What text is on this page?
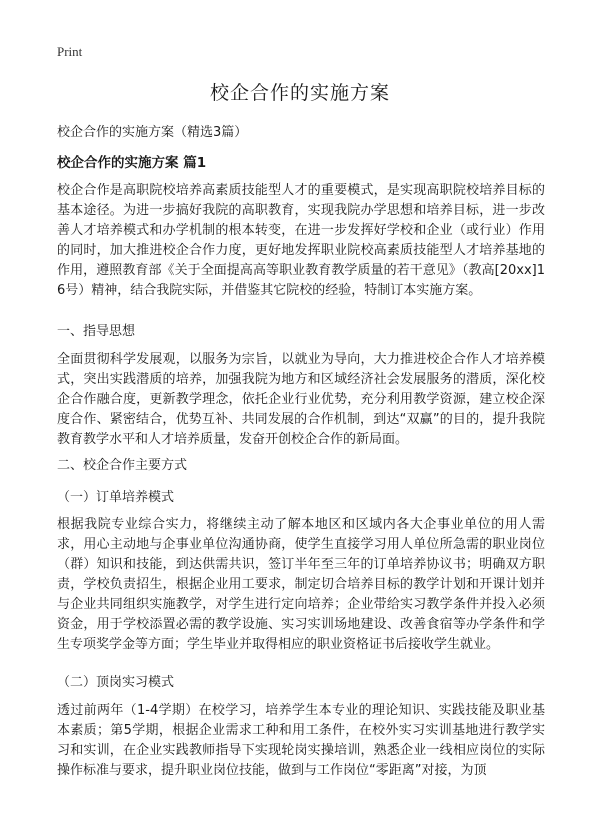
Print
校企合作的实施方案

校企合作的实施方案（精选3篇）

校企合作的实施方案 篇1

校企合作是高职院校培养高素质技能型人才的重要模式，是实现高职院校培养目标的基本途径。为进一步搞好我院的高职教育，实现我院办学思想和培养目标，进一步改善人才培养模式和办学机制的根本转变，在进一步发挥好学校和企业（或行业）作用的同时，加大推进校企合作力度，更好地发挥职业院校高素质技能型人才培养基地的作用，遵照教育部《关于全面提高高等职业教育教学质量的若干意见》（教高[20xx]16号）精神，结合我院实际，并借鉴其它院校的经验，特制订本实施方案。

一、指导思想

全面贯彻科学发展观，以服务为宗旨，以就业为导向，大力推进校企合作人才培养模式，突出实践潜质的培养，加强我院为地方和区域经济社会发展服务的潜质，深化校企合作融合度，更新教学理念，依托企业行业优势，充分利用教学资源，建立校企深度合作、紧密结合，优势互补、共同发展的合作机制，到达“双赢”的目的，提升我院教育教学水平和人才培养质量，发奋开创校企合作的新局面。

二、校企合作主要方式

（一）订单培养模式

根据我院专业综合实力，将继续主动了解本地区和区域内各大企事业单位的用人需求，用心主动地与企事业单位沟通协商，使学生直接学习用人单位所急需的职业岗位（群）知识和技能，到达供需共识，签订半年至三年的订单培养协议书；明确双方职责，学校负责招生，根据企业用工要求，制定切合培养目标的教学计划和开课计划并与企业共同组织实施教学，对学生进行定向培养；企业带给实习教学条件并投入必须资金，用于学校添置必需的教学设施、实习实训场地建设、改善食宿等办学条件和学生专项奖学金等方面；学生毕业并取得相应的职业资格证书后接收学生就业。

（二）顶岗实习模式

透过前两年（1-4学期）在校学习，培养学生本专业的理论知识、实践技能及职业基本素质；第5学期，根据企业需求工种和用工条件，在校外实习实训基地进行教学实习和实训，在企业实践教师指导下实现轮岗实操培训，熟悉企业一线相应岗位的实际操作标准与要求，提升职业岗位技能，做到与工作岗位“零距离”对接，为顶
